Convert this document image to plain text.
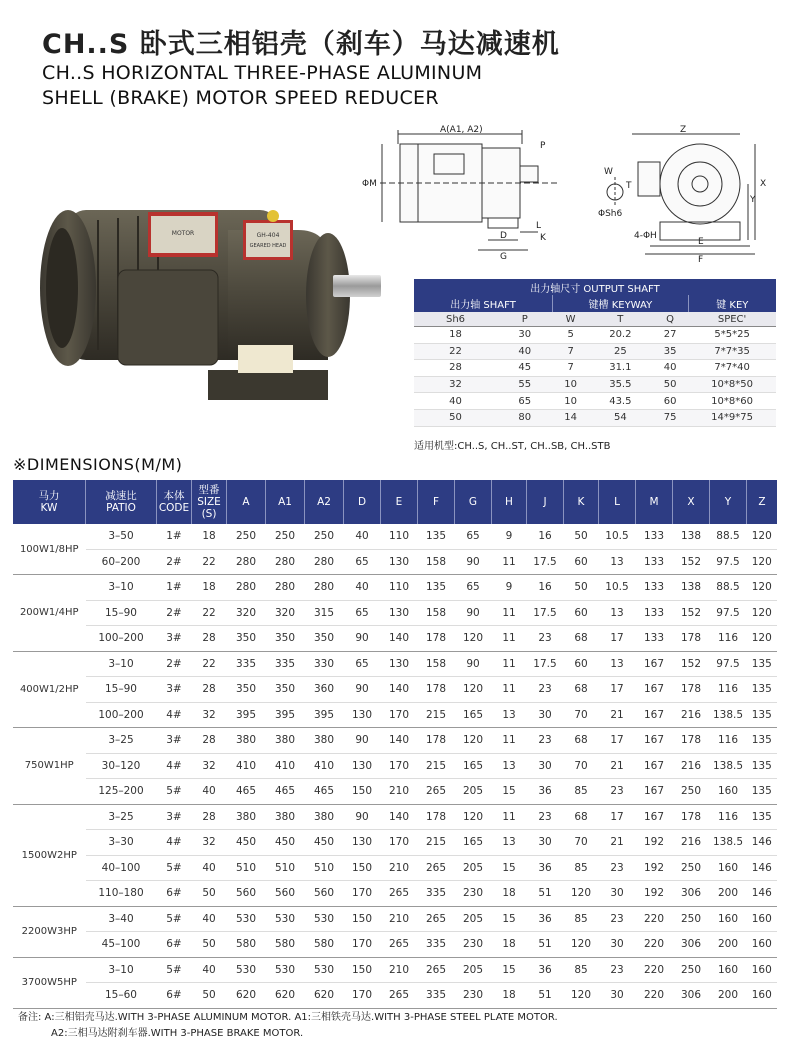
CH..S 卧式三相铝壳（刹车）马达减速机
CH..S HORIZONTAL THREE-PHASE ALUMINUM
SHELL (BRAKE) MOTOR SPEED REDUCER
MOTOR	GH-404
GEARED HEAD
A(A1, A2)
P
ΦM
L
K
D
G
W
T
ΦSh6
Z
X
Y
4-ΦH
E
F
出力轴尺寸 OUTPUT SHAFT					
出力轴 SHAFT		键槽 KEYWAY			键 KEY
Sh6	P	W	T	Q	SPEC'
18	30	5	20.2	27	5*5*25
22	40	7	25	35	7*7*35
28	45	7	31.1	40	7*7*40
32	55	10	35.5	50	10*8*50
40	65	10	43.5	60	10*8*60
50	80	14	54	75	14*9*75
适用机型:CH..S, CH..ST, CH..SB, CH..STB
※DIMENSIONS(M/M)
马力
KW	减速比
PATIO	本体
CODE	型番
SIZE
(S)	A	A1	A2	D	E	F	G	H	J	K	L	M	X	Y	Z
100W1/8HP	3–50	1#	18	250	250	250	40	110	135	65	9	16	50	10.5	133	138	88.5	120
	60–200	2#	22	280	280	280	65	130	158	90	11	17.5	60	13	133	152	97.5	120
200W1/4HP	3–10	1#	18	280	280	280	40	110	135	65	9	16	50	10.5	133	138	88.5	120
	15–90	2#	22	320	320	315	65	130	158	90	11	17.5	60	13	133	152	97.5	120
	100–200	3#	28	350	350	350	90	140	178	120	11	23	68	17	133	178	116	120
400W1/2HP	3–10	2#	22	335	335	330	65	130	158	90	11	17.5	60	13	167	152	97.5	135
	15–90	3#	28	350	350	360	90	140	178	120	11	23	68	17	167	178	116	135
	100–200	4#	32	395	395	395	130	170	215	165	13	30	70	21	167	216	138.5	135
750W1HP	3–25	3#	28	380	380	380	90	140	178	120	11	23	68	17	167	178	116	135
	30–120	4#	32	410	410	410	130	170	215	165	13	30	70	21	167	216	138.5	135
	125–200	5#	40	465	465	465	150	210	265	205	15	36	85	23	167	250	160	135
1500W2HP	3–25	3#	28	380	380	380	90	140	178	120	11	23	68	17	167	178	116	135
	3–30	4#	32	450	450	450	130	170	215	165	13	30	70	21	192	216	138.5	146
	40–100	5#	40	510	510	510	150	210	265	205	15	36	85	23	192	250	160	146
	110–180	6#	50	560	560	560	170	265	335	230	18	51	120	30	192	306	200	146
2200W3HP	3–40	5#	40	530	530	530	150	210	265	205	15	36	85	23	220	250	160	160
	45–100	6#	50	580	580	580	170	265	335	230	18	51	120	30	220	306	200	160
3700W5HP	3–10	5#	40	530	530	530	150	210	265	205	15	36	85	23	220	250	160	160
	15–60	6#	50	620	620	620	170	265	335	230	18	51	120	30	220	306	200	160
备注: A:三相铝壳马达.WITH 3-PHASE ALUMINUM MOTOR. A1:三相铁壳马达.WITH 3-PHASE STEEL PLATE MOTOR.
A2:三相马达附刹车器.WITH 3-PHASE BRAKE MOTOR.
